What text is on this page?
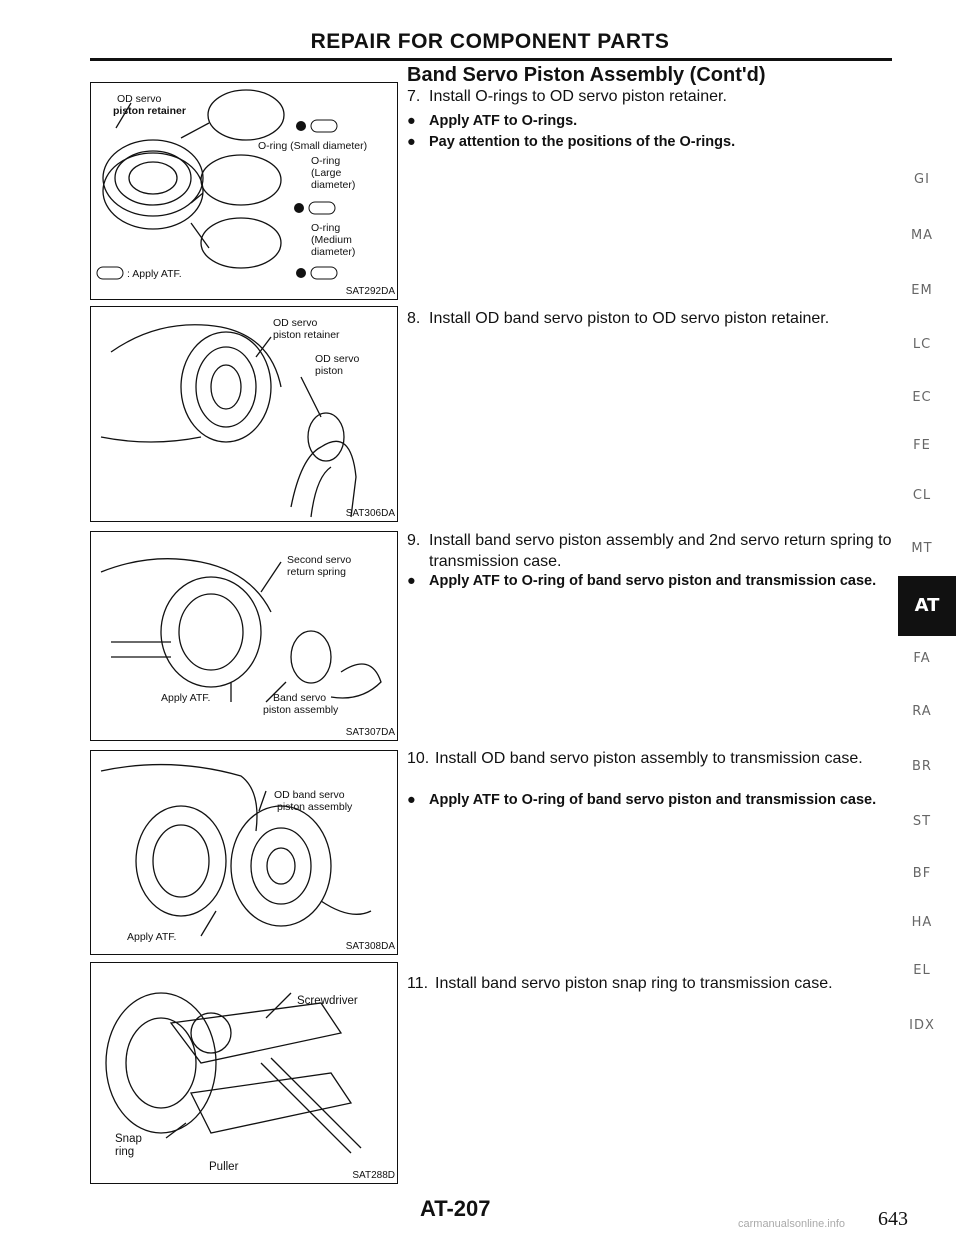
REPAIR FOR COMPONENT PARTS
Band Servo Piston Assembly (Cont'd)
OD servo
piston retainer
O-ring (Small diameter)
O-ring
(Large
diameter)
O-ring
(Medium
diameter)
: Apply ATF.
SAT292DA
OD servo
piston retainer
OD servo
piston
SAT306DA
Second servo
return spring
Apply ATF.	Band servo
piston assembly
SAT307DA
OD band servo
piston assembly
Apply ATF.
SAT308DA
Screwdriver
Snap
ring
Puller
SAT288D
7. Install O-rings to OD servo piston retainer.
● Apply ATF to O-rings.
● Pay attention to the positions of the O-rings.
8. Install OD band servo piston to OD servo piston retainer.
9. Install band servo piston assembly and 2nd servo return spring to transmission case.
● Apply ATF to O-ring of band servo piston and transmission case.
10. Install OD band servo piston assembly to transmission case.
● Apply ATF to O-ring of band servo piston and transmission case.
11. Install band servo piston snap ring to transmission case.
GI
MA
EM
LC
EC
FE
CL
MT
AT
FA
RA
BR
ST
BF
HA
EL
IDX
AT-207	643
carmanualsonline.info
